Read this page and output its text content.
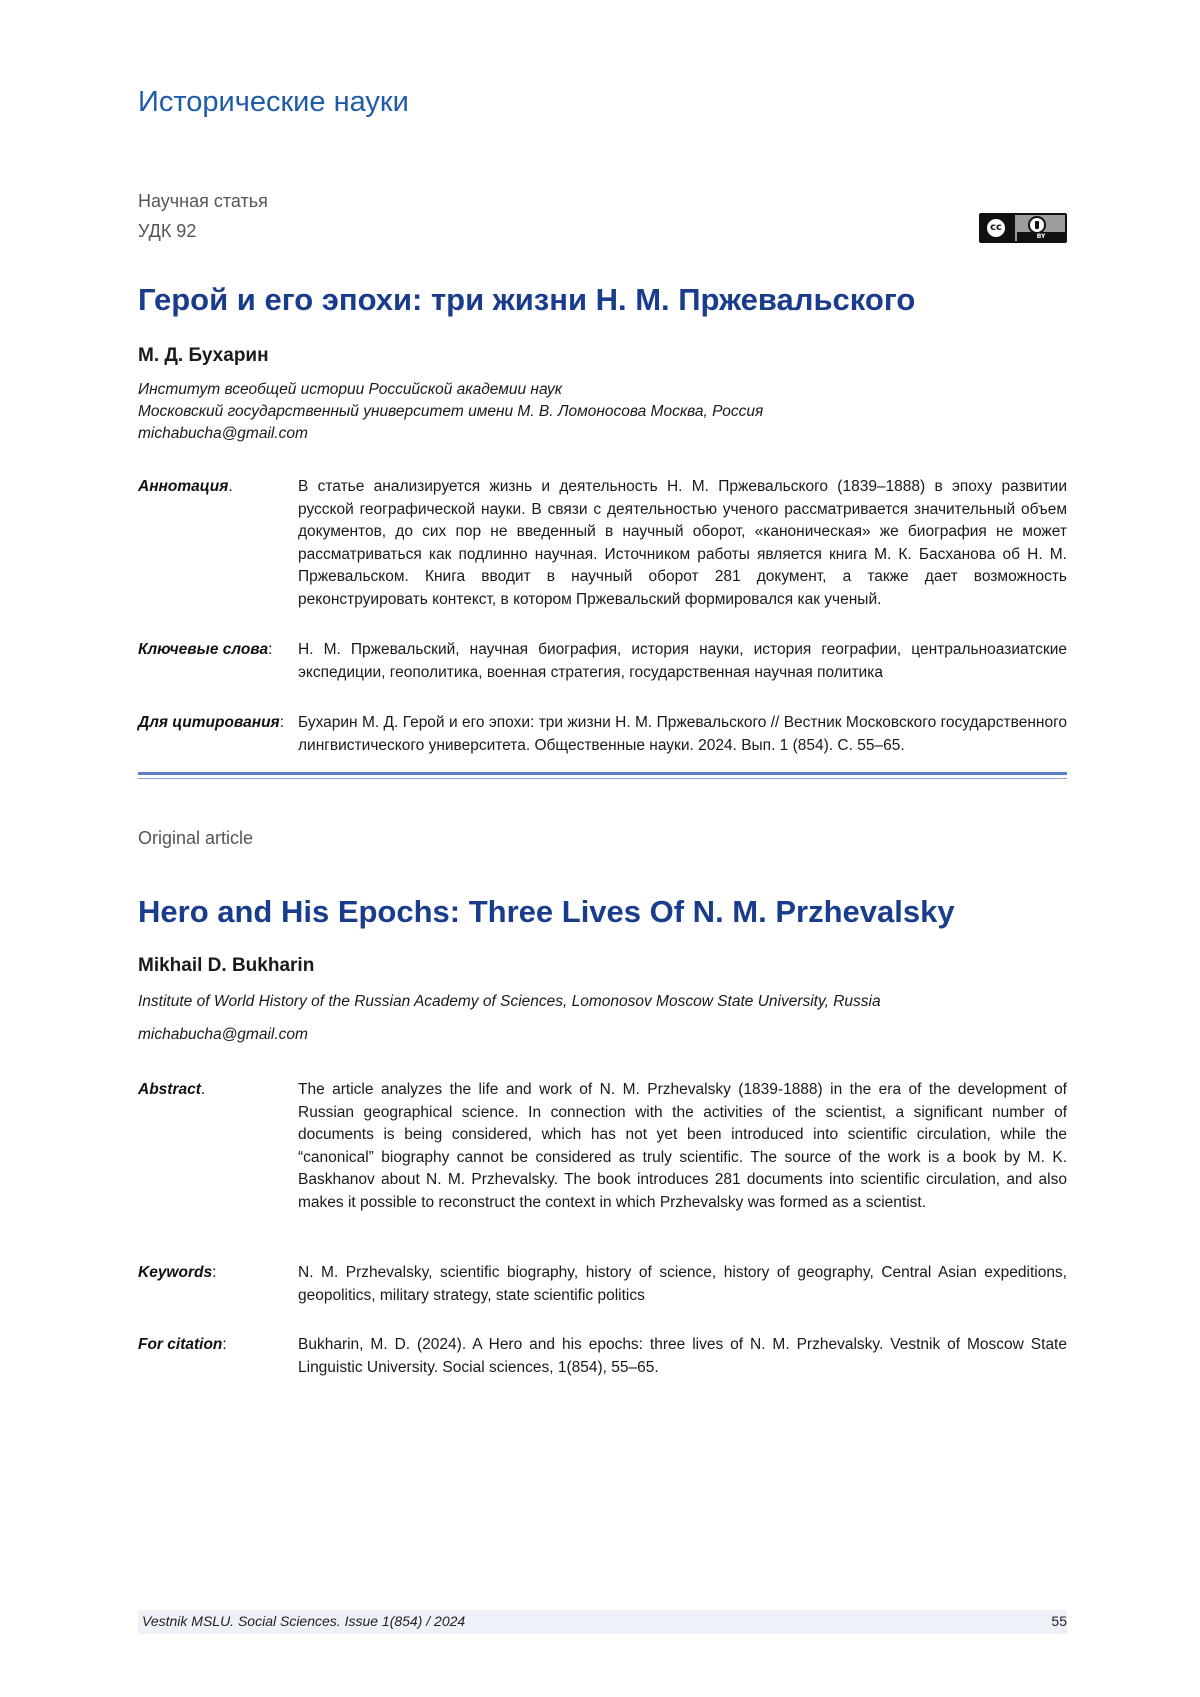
Исторические науки
Научная статья
УДК 92	cc
BY
Герой и его эпохи: три жизни Н. М. Пржевальского
М. Д. Бухарин
Институт всеобщей истории Российской академии наук
Московский государственный университет имени М. В. Ломоносова Москва, Россия
michabucha@gmail.com
Аннотация.	В статье анализируется жизнь и деятельность Н. М. Пржевальского (1839–1888) в эпоху развитии русской географической науки. В связи с деятельностью ученого рассматривается значительный объем документов, до сих пор не введенный в научный оборот, «каноническая» же биография не может рассматриваться как подлинно научная. Источником работы является книга М. К. Басханова об Н. М. Пржевальском. Книга вводит в научный оборот 281 документ, а также дает возможность реконструировать контекст, в котором Пржевальский формировался как ученый.
Ключевые слова: Н. М. Пржевальский, научная биография, история науки, история географии, центральноазиатские экспедиции, геополитика, военная стратегия, государственная научная политика
Для цитирования: Бухарин М. Д. Герой и его эпохи: три жизни Н. М. Пржевальского // Вестник Московского государственного лингвистического университета. Общественные науки. 2024. Вып. 1 (854). С. 55–65.
Original article
Hero and His Epochs: Three Lives Of N. M. Przhevalsky
Mikhail D. Bukharin
Institute of World History of the Russian Academy of Sciences, Lomonosov Moscow State University, Russia
michabucha@gmail.com
Abstract.	The article analyzes the life and work of N. M. Przhevalsky (1839-1888) in the era of the development of Russian geographical science. In connection with the activities of the scientist, a significant number of documents is being considered, which has not yet been introduced into scientific circulation, while the “canonical” biography cannot be considered as truly scientific. The source of the work is a book by M. K. Baskhanov about N. M. Przhevalsky. The book introduces 281 documents into scientific circulation, and also makes it possible to reconstruct the context in which Przhevalsky was formed as a scientist.
Keywords:	N. M. Przhevalsky, scientific biography, history of science, history of geography, Central Asian expeditions, geopolitics, military strategy, state scientific politics
For citation:	Bukharin, M. D. (2024). A Hero and his epochs: three lives of N. M. Przhevalsky. Vestnik of Moscow State Linguistic University. Social sciences, 1(854), 55–65.
Vestnik MSLU. Social Sciences. Issue 1(854) / 2024	55
